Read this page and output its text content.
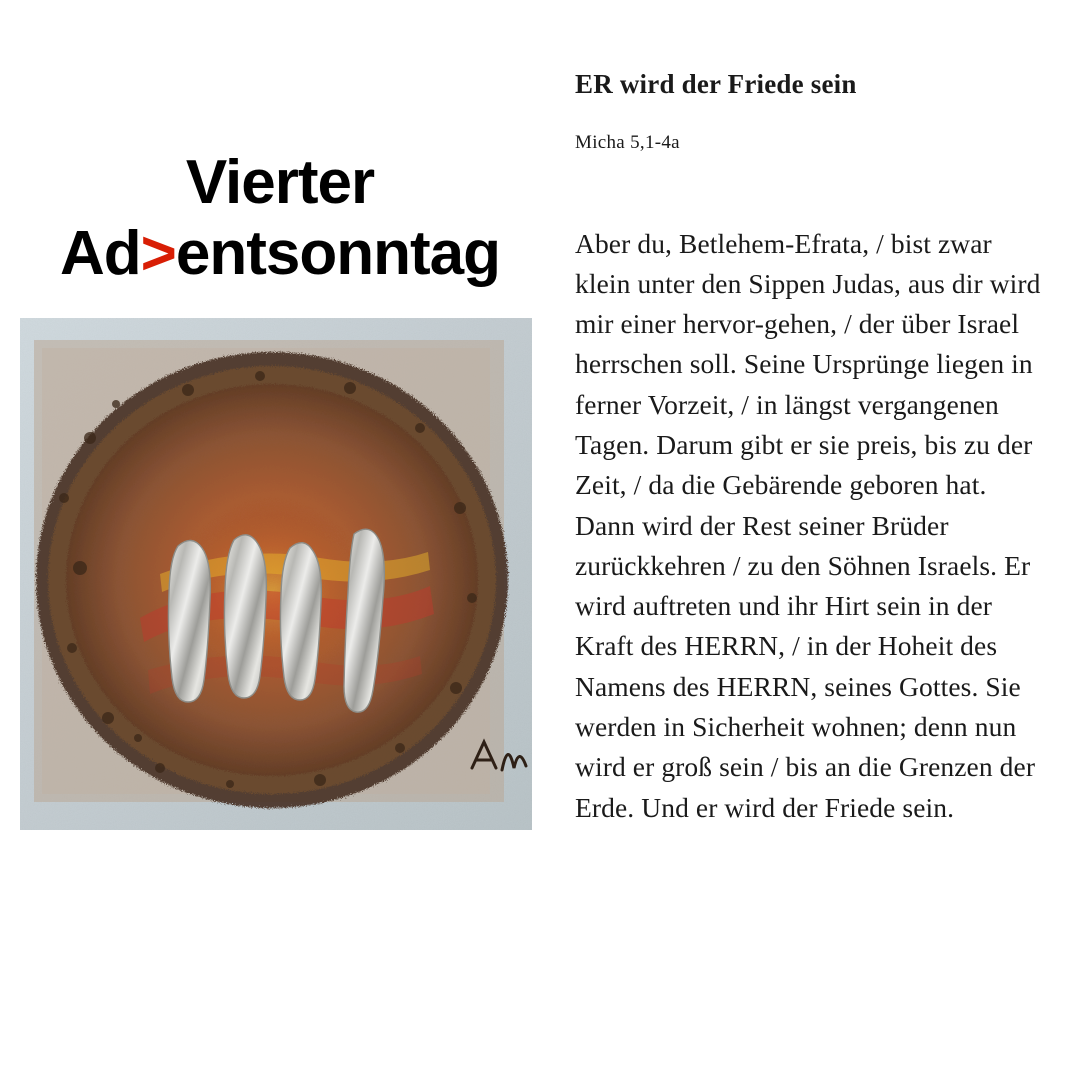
Vierter
Ad>entsonntag
ER wird der Friede sein
Micha 5,1-4a

Aber du, Betlehem-Efrata, / bist zwar klein unter den Sippen Judas, aus dir wird mir einer hervor-gehen, / der über Israel herrschen soll. Seine Ursprünge liegen in ferner Vorzeit, / in längst vergangenen Tagen. Darum gibt er sie preis, bis zu der Zeit, / da die Gebärende geboren hat. Dann wird der Rest seiner Brüder zurückkehren / zu den Söhnen Israels. Er wird auftreten und ihr Hirt sein in der Kraft des HERRN, / in der Hoheit des Namens des HERRN, seines Gottes. Sie werden in Sicherheit wohnen; denn nun wird er groß sein / bis an die Grenzen der Erde. Und er wird der Friede sein.
